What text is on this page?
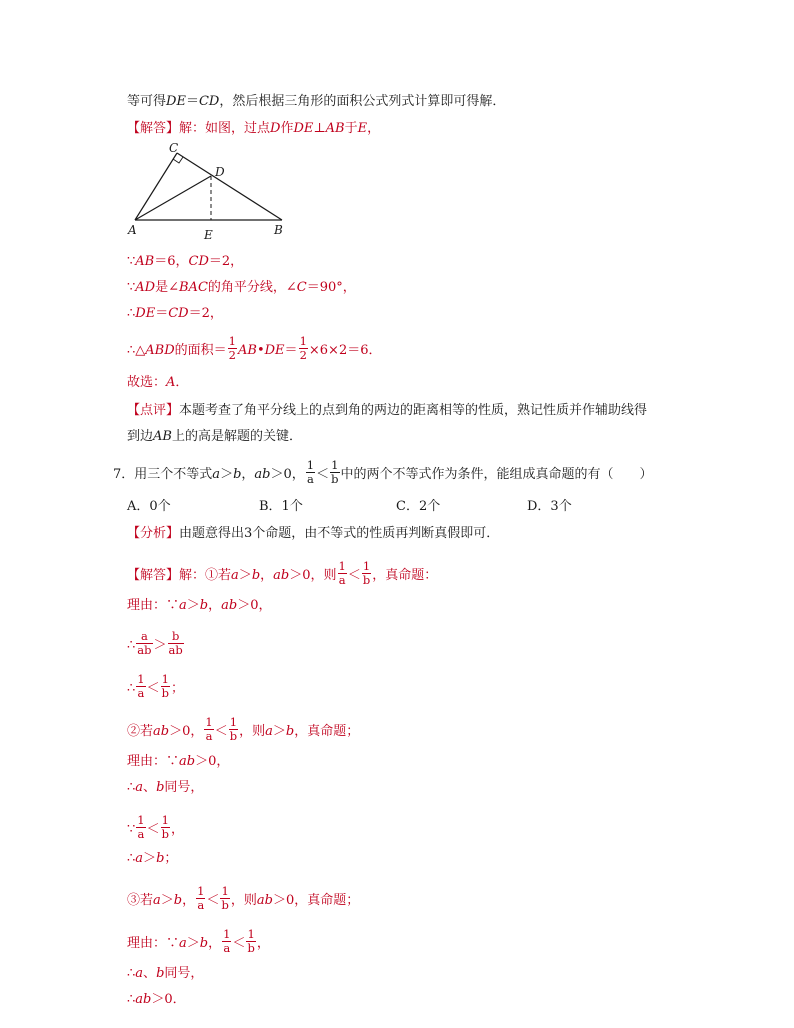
等可得DE＝CD，然后根据三角形的面积公式列式计算即可得解．
【解答】解：如图，过点D作DE⊥AB于E，
A	B
C
D
E
∵AB＝6，CD＝2，
∵AD是∠BAC的角平分线，∠C＝90°，
∴DE＝CD＝2，
∴△ABD的面积＝ $\frac{1}{2}$ AB•DE＝ $\frac{1}{2} \times 6\times 2=6$．
故选：A．
【点评】本题考查了角平分线上的点到角的两边的距离相等的性质，熟记性质并作辅助线得
到边AB上的高是解题的关键．
7．用三个不等式a＞b，ab＞0， $\frac{1}{a} < \frac{1}{b}$ 中的两个不等式作为条件，能组成真命题的有（　　）
A．0个	B．1个	C．2个	D．3个
【分析】由题意得出3个命题，由不等式的性质再判断真假即可．
【解答】解：①若a＞b，ab＞0，则 $\frac{1}{a} < \frac{1}{b}$ ，真命题：
理由：∵a＞b，ab＞0，
∴ $\frac{a}{ab} > \frac{b}{ab}$
∴ $\frac{1}{a} < \frac{1}{b}$ ；
②若ab＞0， $\frac{1}{a} < \frac{1}{b}$ ，则a＞b，真命题；
理由：∵ab＞0，
∴a、b同号，
∵ $\frac{1}{a} < \frac{1}{b}$ ，
∴a＞b；
③若a＞b， $\frac{1}{a} < \frac{1}{b}$ ，则ab＞0，真命题；
理由：∵a＞b， $\frac{1}{a} < \frac{1}{b}$ ，
∴a、b同号，
∴ab＞0．
